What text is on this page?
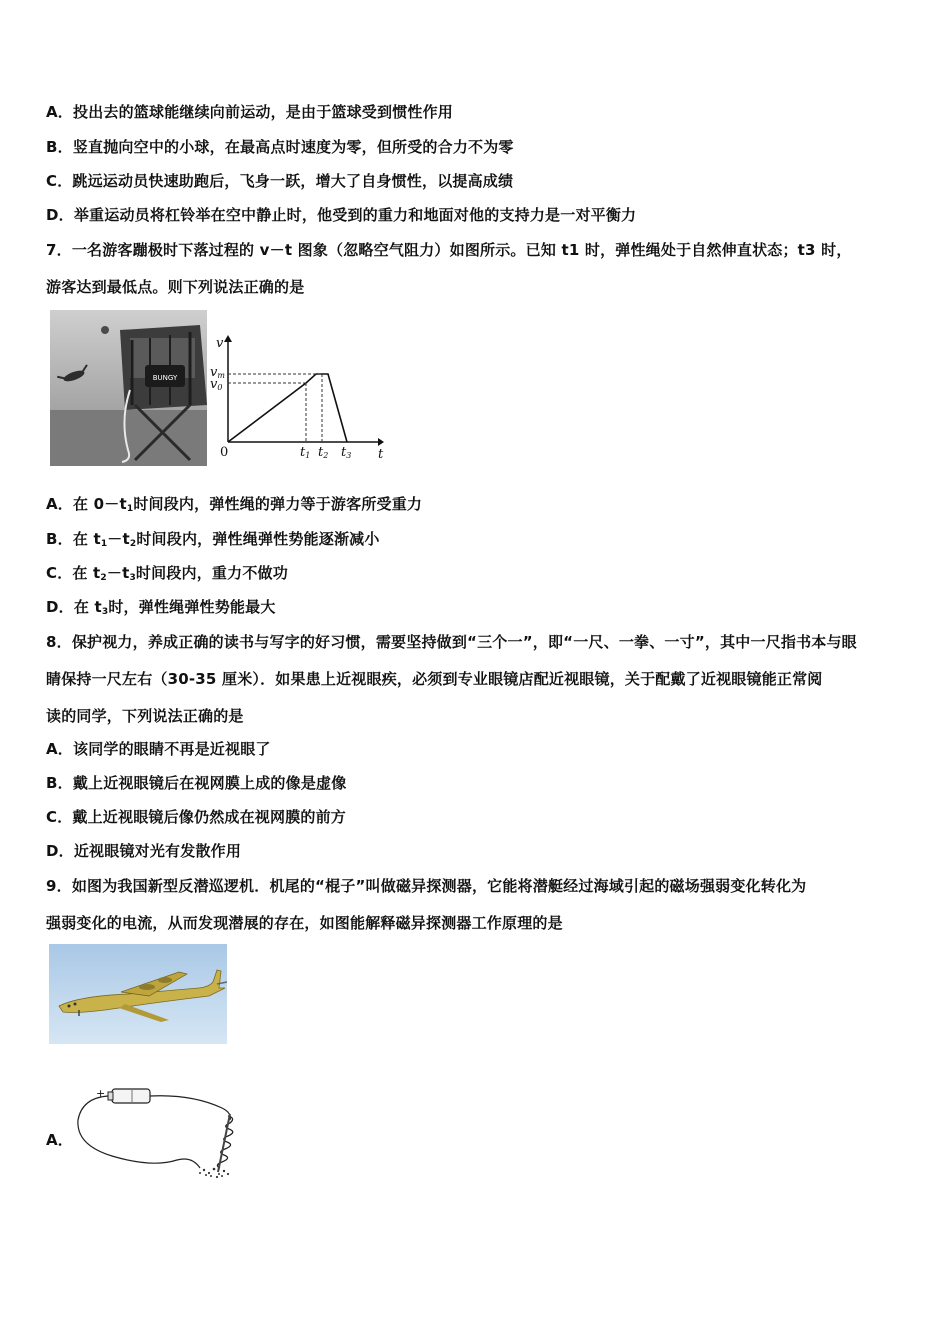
A．投出去的篮球能继续向前运动，是由于篮球受到惯性作用
B．竖直抛向空中的小球，在最高点时速度为零，但所受的合力不为零
C．跳远运动员快速助跑后，飞身一跃，增大了自身惯性，以提高成绩
D．举重运动员将杠铃举在空中静止时，他受到的重力和地面对他的支持力是一对平衡力
7．一名游客蹦极时下落过程的 v－t 图象（忽略空气阻力）如图所示。已知 t1 时，弹性绳处于自然伸直状态；t3 时，
游客达到最低点。则下列说法正确的是
BUNGY
v
t
vm
v0
t1 t2 t3
0
A．在 $0-t_1$时间段内，弹性绳的弹力等于游客所受重力
B．在 $t_1-t_2$时间段内，弹性绳弹性势能逐渐减小
C．在 $t_2-t_3$时间段内，重力不做功
D．在 $t_3$时，弹性绳弹性势能最大
8．保护视力，养成正确的读书与写字的好习惯，需要坚持做到“三个一”，即“一尺、一拳、一寸”，其中一尺指书本与眼
睛保持一尺左右（30-35 厘米）．如果患上近视眼疾，必须到专业眼镜店配近视眼镜，关于配戴了近视眼镜能正常阅
读的同学，下列说法正确的是
A．该同学的眼睛不再是近视眼了
B．戴上近视眼镜后在视网膜上成的像是虚像
C．戴上近视眼镜后像仍然成在视网膜的前方
D．近视眼镜对光有发散作用
9．如图为我国新型反潜巡逻机．机尾的“棍子”叫做磁异探测器，它能将潜艇经过海域引起的磁场强弱变化转化为
强弱变化的电流，从而发现潜展的存在，如图能解释磁异探测器工作原理的是
A．
+
